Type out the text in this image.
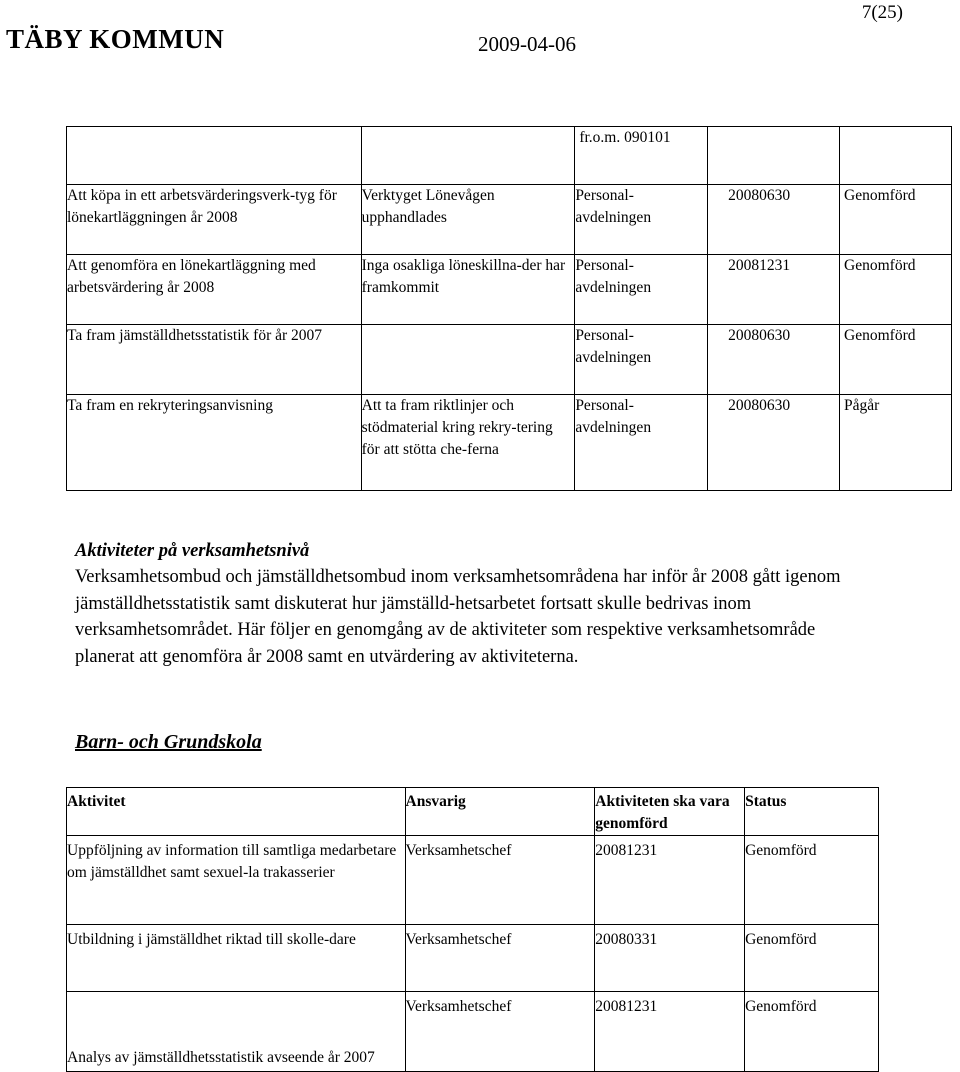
7(25)
TÄBY KOMMUN	2009-04-06
		fr.o.m. 090101		
Att köpa in ett arbetsvärderingsverk-tyg för lönekartläggningen år 2008	Verktyget Lönevågen upphandlades	Personal-avdelningen	20080630	Genomförd
Att genomföra en lönekartläggning med arbetsvärdering år 2008	Inga osakliga löneskillna-der har framkommit	Personal-avdelningen	20081231	Genomförd
Ta fram jämställdhetsstatistik för år 2007		Personal-avdelningen	20080630	Genomförd
Ta fram en rekryteringsanvisning	Att ta fram riktlinjer och stödmaterial kring rekry-tering för att stötta che-ferna	Personal-avdelningen	20080630	Pågår
Aktiviteter på verksamhetsnivå
Verksamhetsombud och jämställdhetsombud inom verksamhetsområdena har inför år 2008 gått igenom jämställdhetsstatistik samt diskuterat hur jämställd-hetsarbetet fortsatt skulle bedrivas inom verksamhetsområdet. Här följer en genomgång av de aktiviteter som respektive verksamhetsområde planerat att genomföra år 2008 samt en utvärdering av aktiviteterna.
Barn- och Grundskola
Aktivitet	Ansvarig	Aktiviteten ska vara genomförd	Status
Uppföljning av information till samtliga medarbetare om jämställdhet samt sexuel-la trakasserier	Verksamhetschef	20081231	Genomförd
Utbildning i jämställdhet riktad till skolle-dare	Verksamhetschef	20080331	Genomförd
Analys av jämställdhetsstatistik avseende år 2007	Verksamhetschef	20081231	Genomförd
